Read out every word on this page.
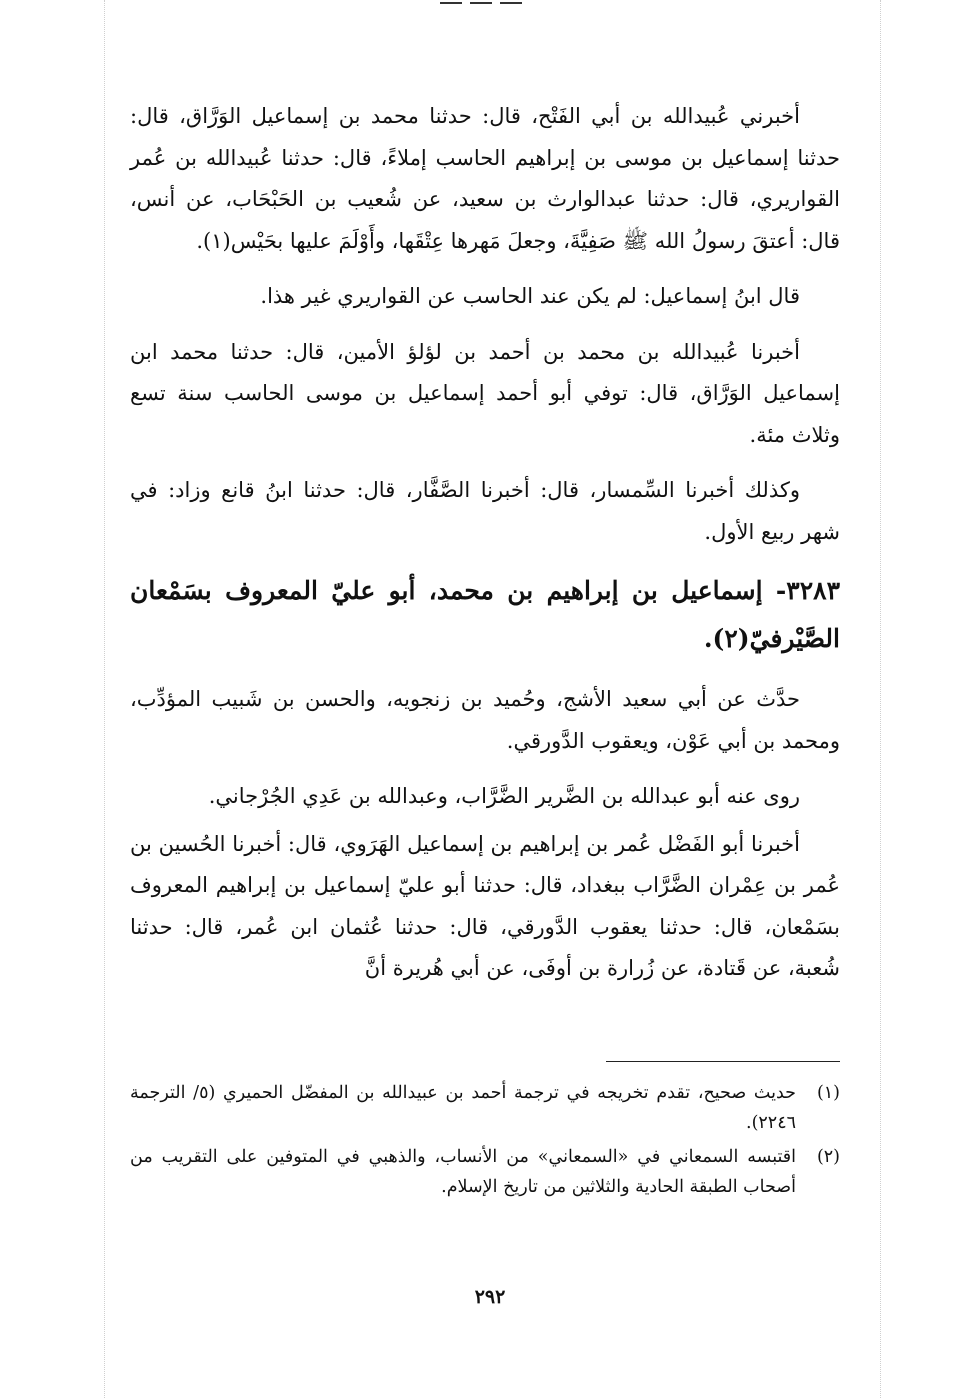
أخبرني عُبيدالله بن أبي الفَتْح، قال: حدثنا محمد بن إسماعيل الوَرَّاق، قال: حدثنا إسماعيل بن موسى بن إبراهيم الحاسب إملاءً، قال: حدثنا عُبيدالله بن عُمر القواريري، قال: حدثنا عبدالوارث بن سعيد، عن شُعيب بن الحَبْحَاب، عن أنس، قال: أعتقَ رسولُ الله ﷺ صَفِيَّةَ، وجعلَ مَهرها عِتْقَها، وأَوْلَمَ عليها بحَيْس(١).

قال ابنُ إسماعيل: لم يكن عند الحاسب عن القواريري غير هذا.

أخبرنا عُبيدالله بن محمد بن أحمد بن لؤلؤ الأمين، قال: حدثنا محمد ابن إسماعيل الوَرَّاق، قال: توفي أبو أحمد إسماعيل بن موسى الحاسب سنة تسع وثلاث مئة.

وكذلك أخبرنا السِّمسار، قال: أخبرنا الصَّفَّار، قال: حدثنا ابنُ قانع وزاد: في شهر ربيع الأول.

٣٢٨٣- إسماعيل بن إبراهيم بن محمد، أبو عليّ المعروف بسَمْعان الصَّيْرفيّ(٢).

حدَّث عن أبي سعيد الأشج، وحُميد بن زنجويه، والحسن بن شَبيب المؤدِّب، ومحمد بن أبي عَوْن، ويعقوب الدَّورقي.

روى عنه أبو عبدالله بن الضَّرير الضَّرَّاب، وعبدالله بن عَدِي الجُرْجاني.

أخبرنا أبو الفَضْل عُمر بن إبراهيم بن إسماعيل الهَرَوي، قال: أخبرنا الحُسين بن عُمر بن عِمْران الضَّرَّاب ببغداد، قال: حدثنا أبو عليّ إسماعيل بن إبراهيم المعروف بسَمْعان، قال: حدثنا يعقوب الدَّورقي، قال: حدثنا عُثمان ابن عُمر، قال: حدثنا شُعبة، عن قَتادة، عن زُرارة بن أوفَى، عن أبي هُريرة أنَّ

(١)
حديث صحيح، تقدم تخريجه في ترجمة أحمد بن عبيدالله بن المفضّل الحميري (٥/ الترجمة ٢٢٤٦).
(٢)
اقتبسه السمعاني في «السمعاني» من الأنساب، والذهبي في المتوفين على التقريب من أصحاب الطبقة الحادية والثلاثين من تاريخ الإسلام.
٢٩٢
